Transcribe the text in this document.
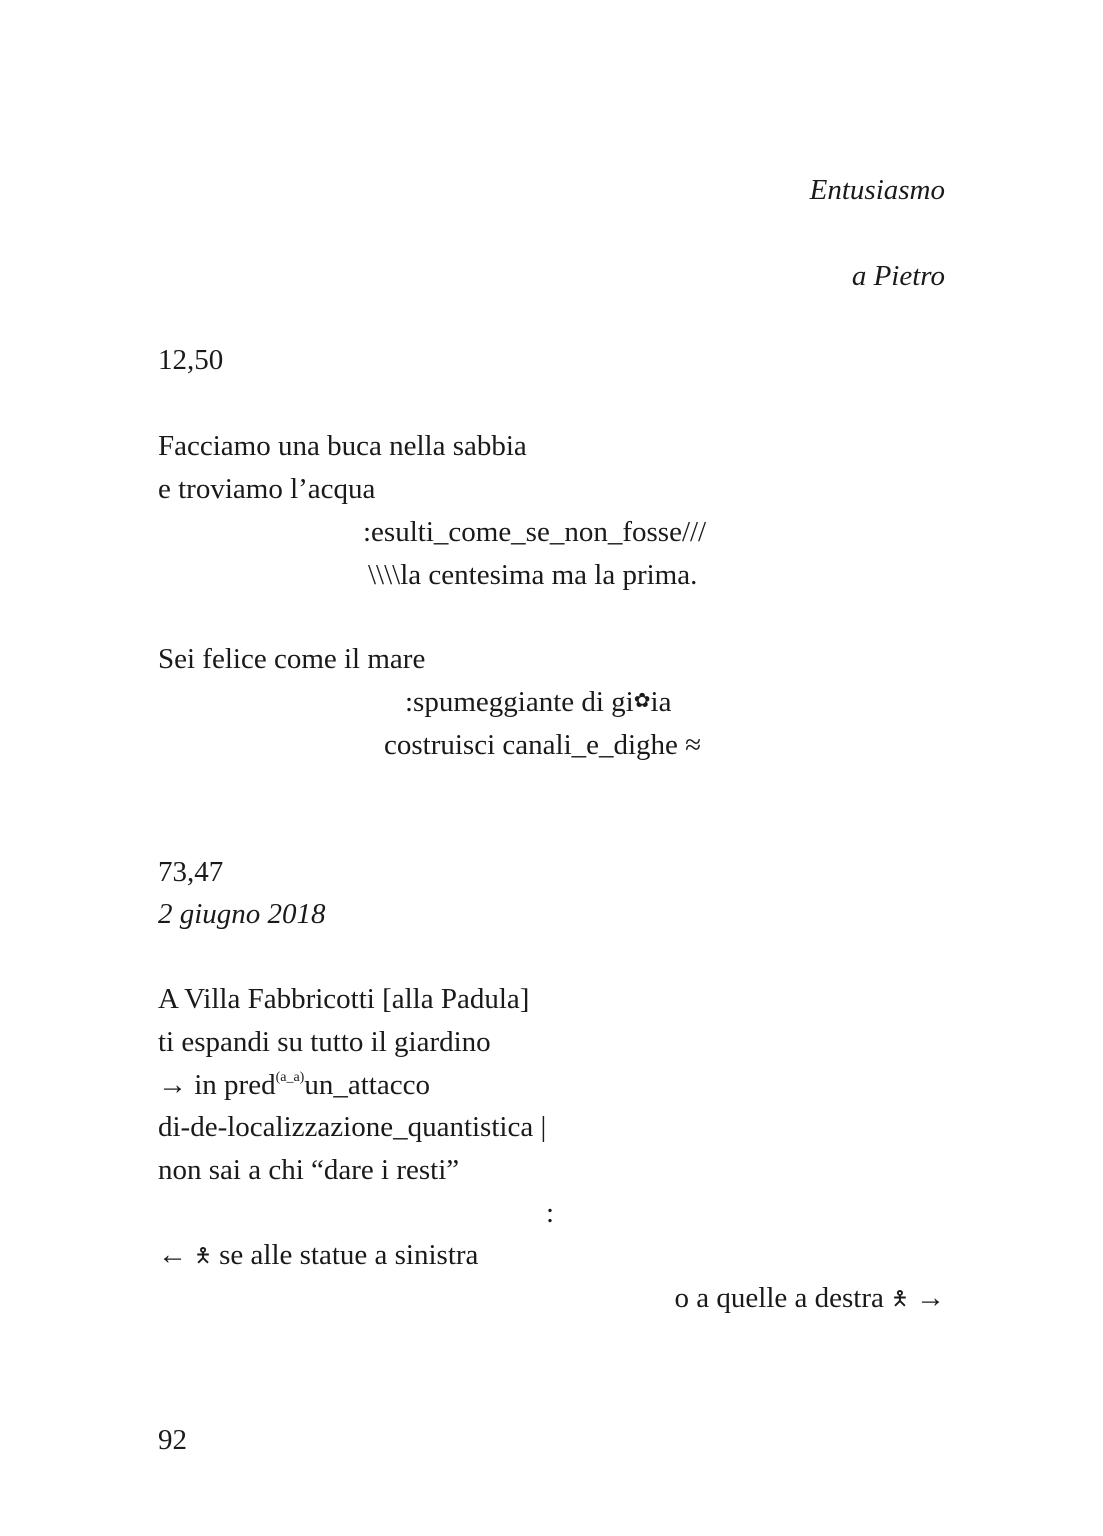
Entusiasmo
a Pietro
12,50
Facciamo una buca nella sabbia
e troviamo l’acqua
:esulti_come_se_non_fosse///
\\\\la centesima ma la prima.
Sei felice come il mare
:spumeggiante di gi✿ia
costruisci canali_e_dighe ≈
73,47
2 giugno 2018
A Villa Fabbricotti [alla Padula]
ti espandi su tutto il giardino
→ in pred$^{(a\_a)}$un_attacco
di-de-localizzazione_quantistica |
non sai a chi “dare i resti”
:
← 🯅 se alle statue a sinistra
o a quelle a destra 🯅 →
92
